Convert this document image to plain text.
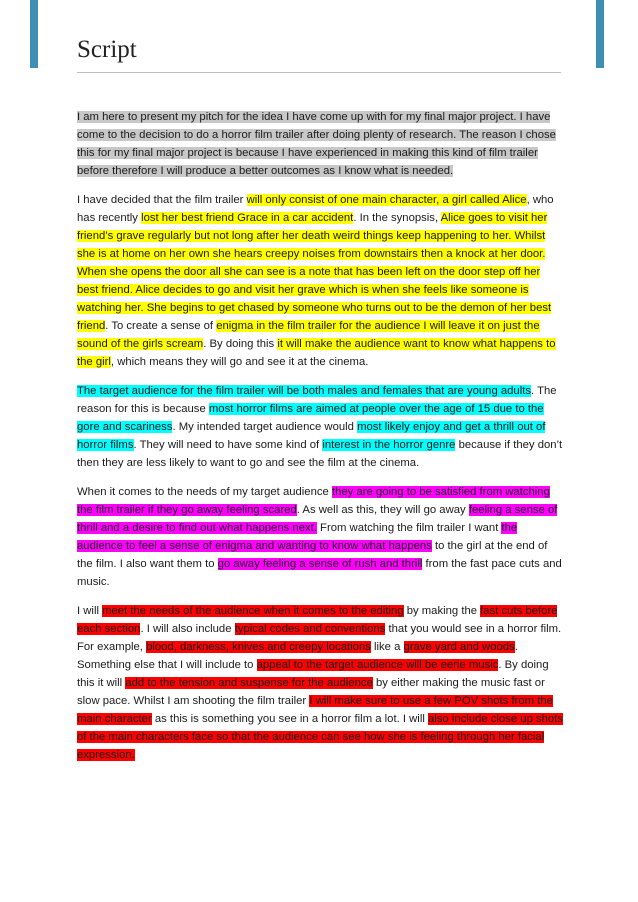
Script

I am here to present my pitch for the idea I have come up with for my final major project. I have come to the decision to do a horror film trailer after doing plenty of research. The reason I chose this for my final major project is because I have experienced in making this kind of film trailer before therefore I will produce a better outcomes as I know what is needed.

I have decided that the film trailer will only consist of one main character, a girl called Alice, who has recently lost her best friend Grace in a car accident. In the synopsis, Alice goes to visit her friend’s grave regularly but not long after her death weird things keep happening to her. Whilst she is at home on her own she hears creepy noises from downstairs then a knock at her door. When she opens the door all she can see is a note that has been left on the door step off her best friend. Alice decides to go and visit her grave which is when she feels like someone is watching her. She begins to get chased by someone who turns out to be the demon of her best friend. To create a sense of enigma in the film trailer for the audience I will leave it on just the sound of the girls scream. By doing this it will make the audience want to know what happens to the girl, which means they will go and see it at the cinema.

The target audience for the film trailer will be both males and females that are young adults. The reason for this is because most horror films are aimed at people over the age of 15 due to the gore and scariness. My intended target audience would most likely enjoy and get a thrill out of horror films. They will need to have some kind of interest in the horror genre because if they don’t then they are less likely to want to go and see the film at the cinema.

When it comes to the needs of my target audience they are going to be satisfied from watching the film trailer if they go away feeling scared. As well as this, they will go away feeling a sense of thrill and a desire to find out what happens next. From watching the film trailer I want the audience to feel a sense of enigma and wanting to know what happens to the girl at the end of the film. I also want them to go away feeling a sense of rush and thrill from the fast pace cuts and music.

I will meet the needs of the audience when it comes to the editing by making the fast cuts before each section. I will also include typical codes and conventions that you would see in a horror film. For example, blood, darkness, knives and creepy locations like a grave yard and woods. Something else that I will include to appeal to the target audience will be eerie music. By doing this it will add to the tension and suspense for the audience by either making the music fast or slow pace. Whilst I am shooting the film trailer I will make sure to use a few POV shots from the main character as this is something you see in a horror film a lot. I will also include close up shots of the main characters face so that the audience can see how she is feeling through her facial expression.
